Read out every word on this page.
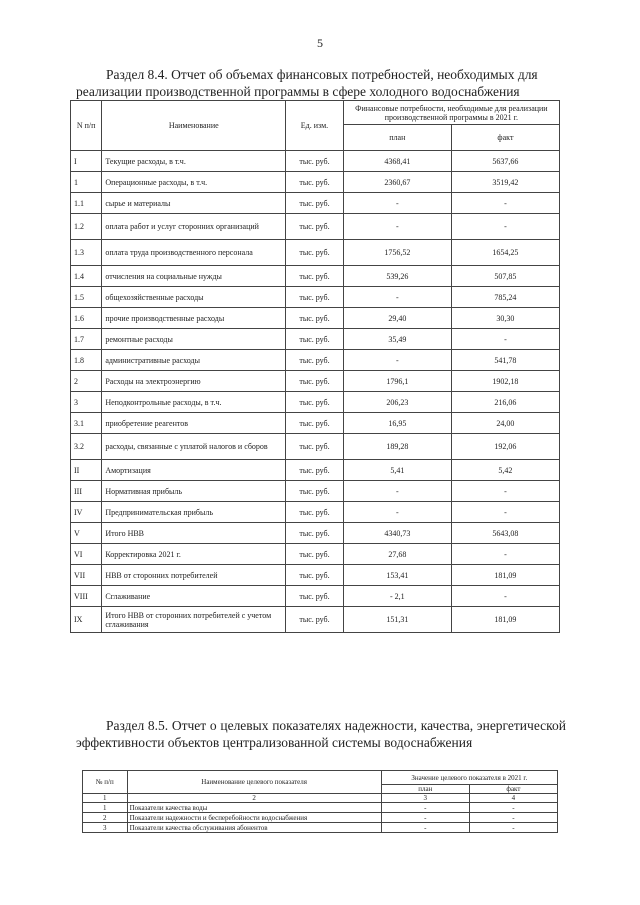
5
Раздел 8.4. Отчет об объемах финансовых потребностей, необходимых для реализации производственной программы в сфере холодного водоснабжения
N п/п	Наименование	Ед. изм.	Финансовые потребности, необходимые для реализации производственной программы в 2021 г.	
			план	факт
I	Текущие расходы, в т.ч.	тыс. руб.	4368,41	5637,66
1	Операционные расходы, в т.ч.	тыс. руб.	2360,67	3519,42
1.1	сырье и материалы	тыс. руб.	-	-
1.2	оплата работ и услуг сторонних организаций	тыс. руб.	-	-
1.3	оплата труда производственного персонала	тыс. руб.	1756,52	1654,25
1.4	отчисления на социальные нужды	тыс. руб.	539,26	507,85
1.5	общехозяйственные расходы	тыс. руб.	-	785,24
1.6	прочие производственные расходы	тыс. руб.	29,40	30,30
1.7	ремонтные расходы	тыс. руб.	35,49	-
1.8	административные расходы	тыс. руб.	-	541,78
2	Расходы на электроэнергию	тыс. руб.	1796,1	1902,18
3	Неподконтрольные расходы, в т.ч.	тыс. руб.	206,23	216,06
3.1	приобретение реагентов	тыс. руб.	16,95	24,00
3.2	расходы, связанные с уплатой налогов и сборов	тыс. руб.	189,28	192,06
II	Амортизация	тыс. руб.	5,41	5,42
III	Нормативная прибыль	тыс. руб.	-	-
IV	Предпринимательская прибыль	тыс. руб.	-	-
V	Итого НВВ	тыс. руб.	4340,73	5643,08
VI	Корректировка 2021 г.	тыс. руб.	27,68	-
VII	НВВ от сторонних потребителей	тыс. руб.	153,41	181,09
VIII	Сглаживание	тыс. руб.	- 2,1	-
IX	Итого НВВ от сторонних потребителей с учетом сглаживания	тыс. руб.	151,31	181,09
Раздел 8.5. Отчет о целевых показателях надежности, качества, энергетической эффективности объектов централизованной системы водоснабжения
№ п/п	Наименование целевого показателя	Значение целевого показателя в 2021 г.	
		план	факт
1	2	3	4
1	Показатели качества воды	-	-
2	Показатели надежности и бесперебойности водоснабжения	-	-
3	Показатели качества обслуживания абонентов	-	-
